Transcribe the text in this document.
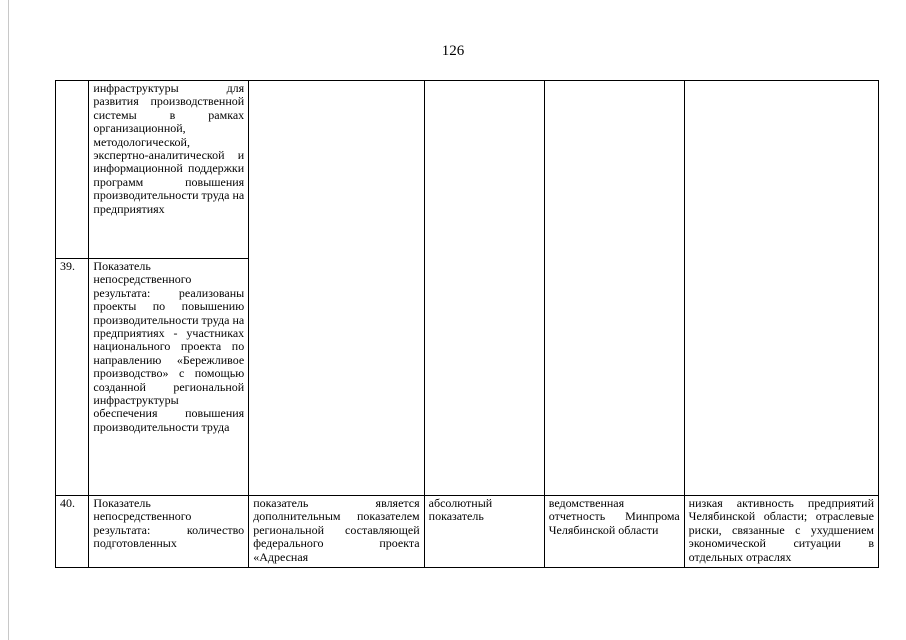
126
	инфраструктуры для развития производственной системы в рамках организационной, методологической, экспертно-аналитической и информационной поддержки программ повышения производительности труда на предприятиях				
39.	Показатель непосредственного результата: реализованы проекты по повышению производительности труда на предприятиях - участниках национального проекта по направлению «Бережливое производство» с помощью созданной региональной инфраструктуры обеспечения повышения производительности труда				
40.	Показатель непосредственного результата: количество подготовленных	показатель является дополнительным показателем региональной составляющей федерального проекта «Адресная	абсолютный показатель	ведомственная отчетность Минпрома Челябинской области	низкая активность предприятий Челябинской области; отраслевые риски, связанные с ухудшением экономической ситуации в отдельных отраслях
